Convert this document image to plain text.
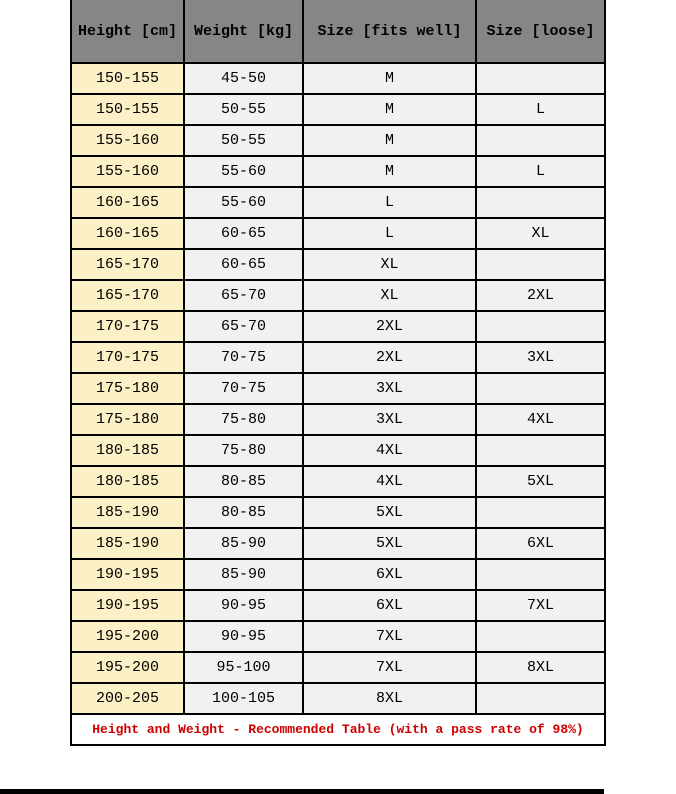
Height [cm]	Weight [kg]	Size [fits well]	Size [loose]
150-155	45-50	M	
150-155	50-55	M	L
155-160	50-55	M	
155-160	55-60	M	L
160-165	55-60	L	
160-165	60-65	L	XL
165-170	60-65	XL	
165-170	65-70	XL	2XL
170-175	65-70	2XL	
170-175	70-75	2XL	3XL
175-180	70-75	3XL	
175-180	75-80	3XL	4XL
180-185	75-80	4XL	
180-185	80-85	4XL	5XL
185-190	80-85	5XL	
185-190	85-90	5XL	6XL
190-195	85-90	6XL	
190-195	90-95	6XL	7XL
195-200	90-95	7XL	
195-200	95-100	7XL	8XL
200-205	100-105	8XL	
Height and Weight - Recommended Table (with a pass rate of 98%)			
